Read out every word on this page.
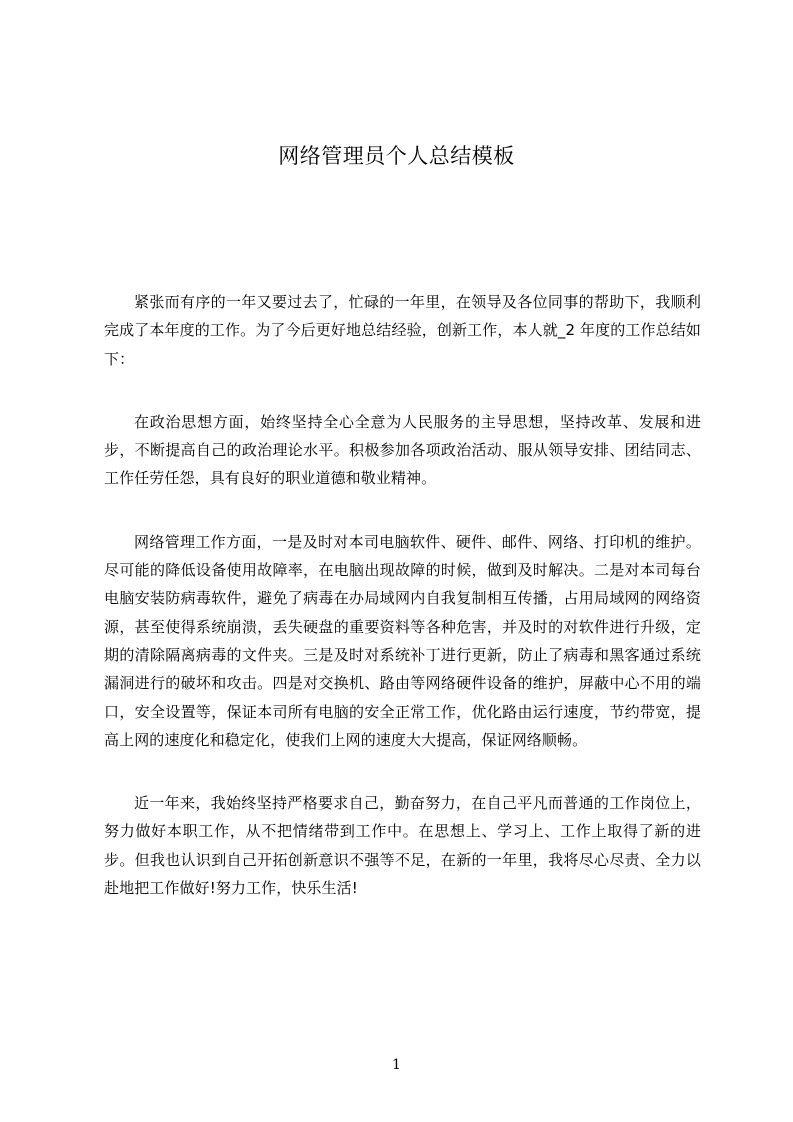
网络管理员个人总结模板

紧张而有序的一年又要过去了，忙碌的一年里，在领导及各位同事的帮助下，我顺利完成了本年度的工作。为了今后更好地总结经验，创新工作，本人就_2 年度的工作总结如下：

在政治思想方面，始终坚持全心全意为人民服务的主导思想，坚持改革、发展和进步，不断提高自己的政治理论水平。积极参加各项政治活动、服从领导安排、团结同志、工作任劳任怨，具有良好的职业道德和敬业精神。

网络管理工作方面，一是及时对本司电脑软件、硬件、邮件、网络、打印机的维护。尽可能的降低设备使用故障率，在电脑出现故障的时候，做到及时解决。二是对本司每台电脑安装防病毒软件，避免了病毒在办局域网内自我复制相互传播，占用局域网的网络资源，甚至使得系统崩溃，丢失硬盘的重要资料等各种危害，并及时的对软件进行升级，定期的清除隔离病毒的文件夹。三是及时对系统补丁进行更新，防止了病毒和黑客通过系统漏洞进行的破坏和攻击。四是对交换机、路由等网络硬件设备的维护，屏蔽中心不用的端口，安全设置等，保证本司所有电脑的安全正常工作，优化路由运行速度，节约带宽，提高上网的速度化和稳定化，使我们上网的速度大大提高，保证网络顺畅。

近一年来，我始终坚持严格要求自己，勤奋努力，在自己平凡而普通的工作岗位上，努力做好本职工作，从不把情绪带到工作中。在思想上、学习上、工作上取得了新的进步。但我也认识到自己开拓创新意识不强等不足，在新的一年里，我将尽心尽责、全力以赴地把工作做好!努力工作，快乐生活!

1
